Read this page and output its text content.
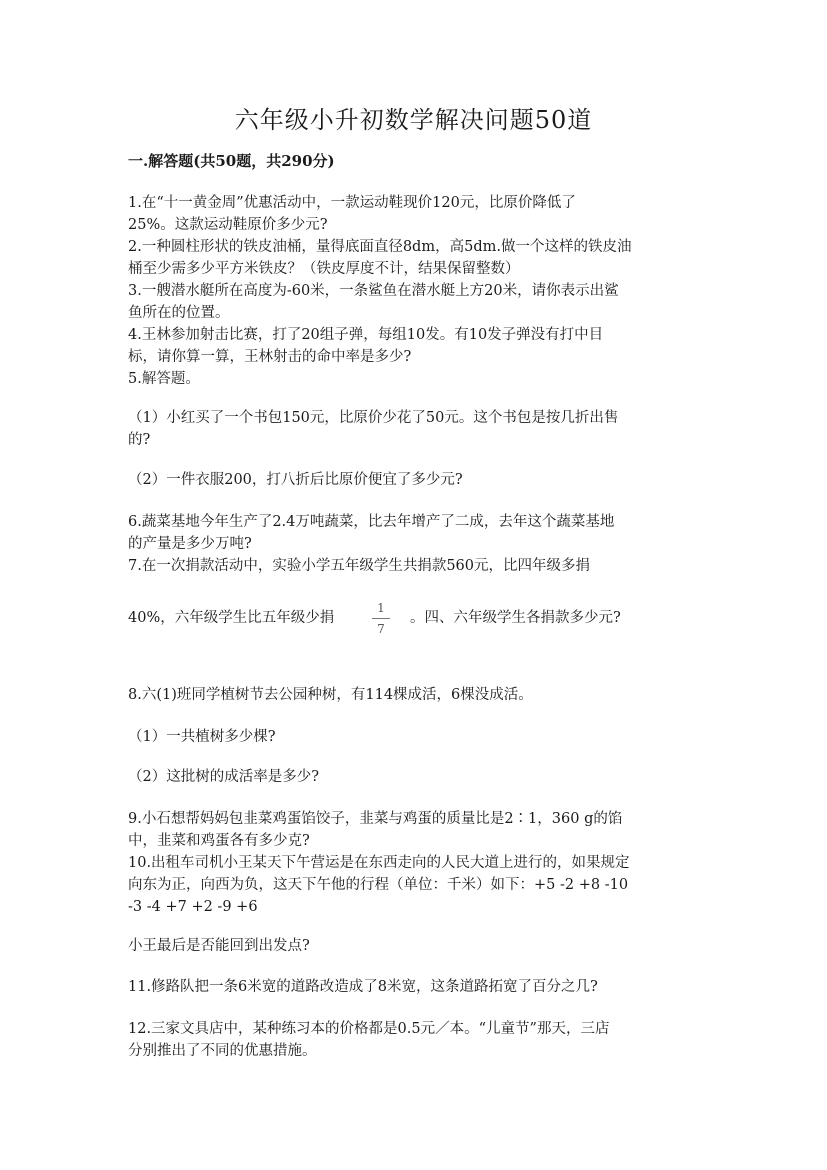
六年级小升初数学解决问题50道
一.解答题(共50题，共290分)
1.在“十一黄金周”优惠活动中，一款运动鞋现价120元，比原价降低了
25%。这款运动鞋原价多少元?
2.一种圆柱形状的铁皮油桶，量得底面直径8dm，高5dm.做一个这样的铁皮油
桶至少需多少平方米铁皮？（铁皮厚度不计，结果保留整数）
3.一艘潜水艇所在高度为-60米，一条鲨鱼在潜水艇上方20米，请你表示出鲨
鱼所在的位置。
4.王林参加射击比赛，打了20组子弹，每组10发。有10发子弹没有打中目
标，请你算一算，王林射击的命中率是多少?
5.解答题。
（1）小红买了一个书包150元，比原价少花了50元。这个书包是按几折出售
的?
（2）一件衣服200，打八折后比原价便宜了多少元?
6.蔬菜基地今年生产了2.4万吨蔬菜，比去年增产了二成，去年这个蔬菜基地
的产量是多少万吨?
7.在一次捐款活动中，实验小学五年级学生共捐款560元，比四年级多捐
40%，六年级学生比五年级少捐
1
7
。四、六年级学生各捐款多少元?
8.六(1)班同学植树节去公园种树，有114棵成活，6棵没成活。
（1）一共植树多少棵?
（2）这批树的成活率是多少?
9.小石想帮妈妈包韭菜鸡蛋馅饺子，韭菜与鸡蛋的质量比是2∶1，360 g的馅
中，韭菜和鸡蛋各有多少克?
10.出租车司机小王某天下午营运是在东西走向的人民大道上进行的，如果规定
向东为正，向西为负，这天下午他的行程（单位：千米）如下：+5 -2 +8 -10
-3 -4 +7 +2 -9 +6
小王最后是否能回到出发点?
11.修路队把一条6米宽的道路改造成了8米宽，这条道路拓宽了百分之几?
12.三家文具店中，某种练习本的价格都是0.5元／本。“儿童节”那天，三店
分别推出了不同的优惠措施。
